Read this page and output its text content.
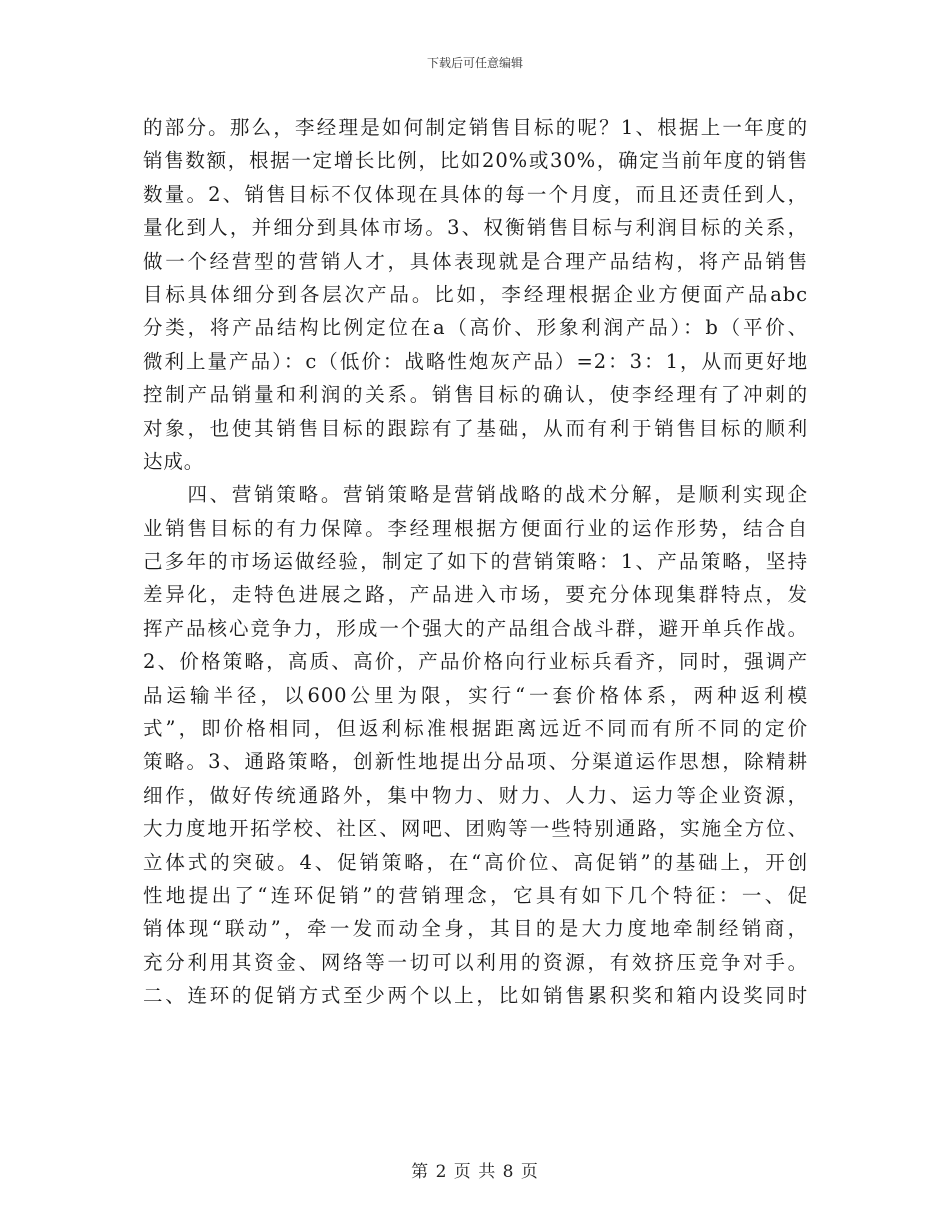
下载后可任意编辑
的部分。那么，李经理是如何制定销售目标的呢？1、根据上一年度的
销售数额，根据一定增长比例，比如20%或30%，确定当前年度的销售
数量。2、销售目标不仅体现在具体的每一个月度，而且还责任到人，
量化到人，并细分到具体市场。3、权衡销售目标与利润目标的关系，
做一个经营型的营销人才，具体表现就是合理产品结构，将产品销售
目标具体细分到各层次产品。比如，李经理根据企业方便面产品abc
分类，将产品结构比例定位在a（高价、形象利润产品）：b（平价、
微利上量产品）：c（低价：战略性炮灰产品）=2：3：1，从而更好地
控制产品销量和利润的关系。销售目标的确认，使李经理有了冲刺的
对象，也使其销售目标的跟踪有了基础，从而有利于销售目标的顺利
达成。
　　四、营销策略。营销策略是营销战略的战术分解，是顺利实现企
业销售目标的有力保障。李经理根据方便面行业的运作形势，结合自
己多年的市场运做经验，制定了如下的营销策略：1、产品策略，坚持
差异化，走特色进展之路，产品进入市场，要充分体现集群特点，发
挥产品核心竞争力，形成一个强大的产品组合战斗群，避开单兵作战。
2、价格策略，高质、高价，产品价格向行业标兵看齐，同时，强调产
品运输半径，以600公里为限，实行“一套价格体系，两种返利模
式”，即价格相同，但返利标准根据距离远近不同而有所不同的定价
策略。3、通路策略，创新性地提出分品项、分渠道运作思想，除精耕
细作，做好传统通路外，集中物力、财力、人力、运力等企业资源，
大力度地开拓学校、社区、网吧、团购等一些特别通路，实施全方位、
立体式的突破。4、促销策略，在“高价位、高促销”的基础上，开创
性地提出了“连环促销”的营销理念，它具有如下几个特征：一、促
销体现“联动”，牵一发而动全身，其目的是大力度地牵制经销商，
充分利用其资金、网络等一切可以利用的资源，有效挤压竞争对手。
二、连环的促销方式至少两个以上，比如销售累积奖和箱内设奖同时
第 2 页 共 8 页
